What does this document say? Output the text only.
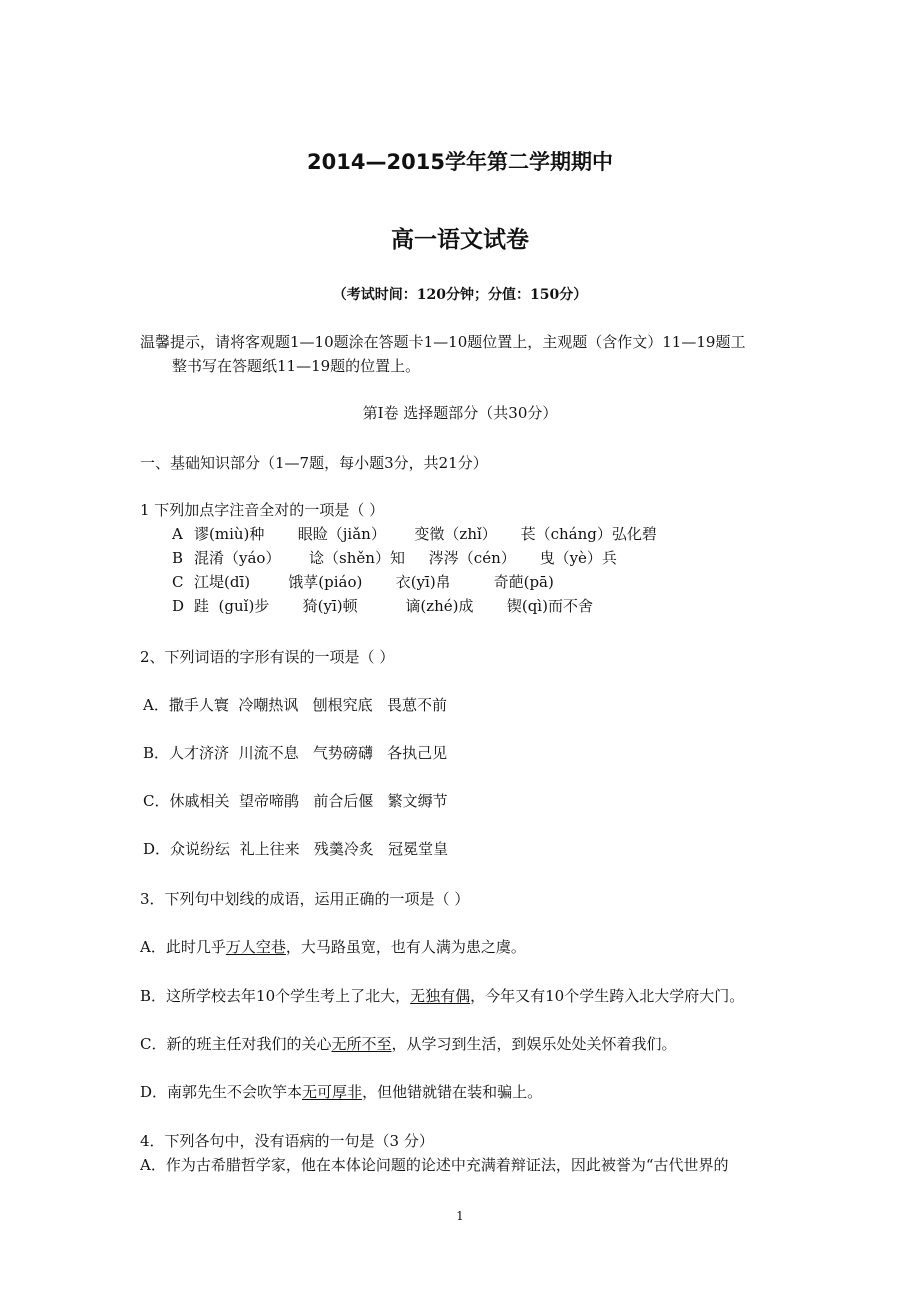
2014—2015学年第二学期期中
高一语文试卷
（考试时间：120分钟；分值：150分）
温馨提示，请将客观题1—10题涂在答题卡1—10题位置上，主观题（含作文）11—19题工
整书写在答题纸11—19题的位置上。
第Ⅰ卷 选择题部分（共30分）
一、基础知识部分（1—7题，每小题3分，共21分）
1 下列加点字注音全对的一项是（ ）
A 谬(miù)种       眼睑（jiǎn）      变徵（zhǐ）     苌（cháng）弘化碧
B 混淆（yáo）      谂（shěn）知     涔涔（cén）     曳（yè）兵
C 江堤(dī)        饿莩(piáo)       衣(yī)帛         奇葩(pā)
D 跬  (guǐ)步       猗(yī)顿          谪(zhé)成       锲(qì)而不舍
2、下列词语的字形有误的一项是（ ）
A．撒手人寰  冷嘲热讽   刨根究底   畏葸不前
B．人才济济  川流不息   气势磅礴   各执己见
C．休戚相关  望帝啼鹃   前合后偃   繁文缛节
D．众说纷纭  礼上往来   残羹冷炙   冠冕堂皇
3．下列句中划线的成语，运用正确的一项是（ ）
A．此时几乎万人空巷，大马路虽宽，也有人满为患之虞。
B．这所学校去年10个学生考上了北大，无独有偶，今年又有10个学生跨入北大学府大门。
C．新的班主任对我们的关心无所不至，从学习到生活，到娱乐处处关怀着我们。
D．南郭先生不会吹竽本无可厚非，但他错就错在装和骗上。
4．下列各句中，没有语病的一句是（3 分）
A．作为古希腊哲学家，他在本体论问题的论述中充满着辩证法，因此被誉为“古代世界的
1
